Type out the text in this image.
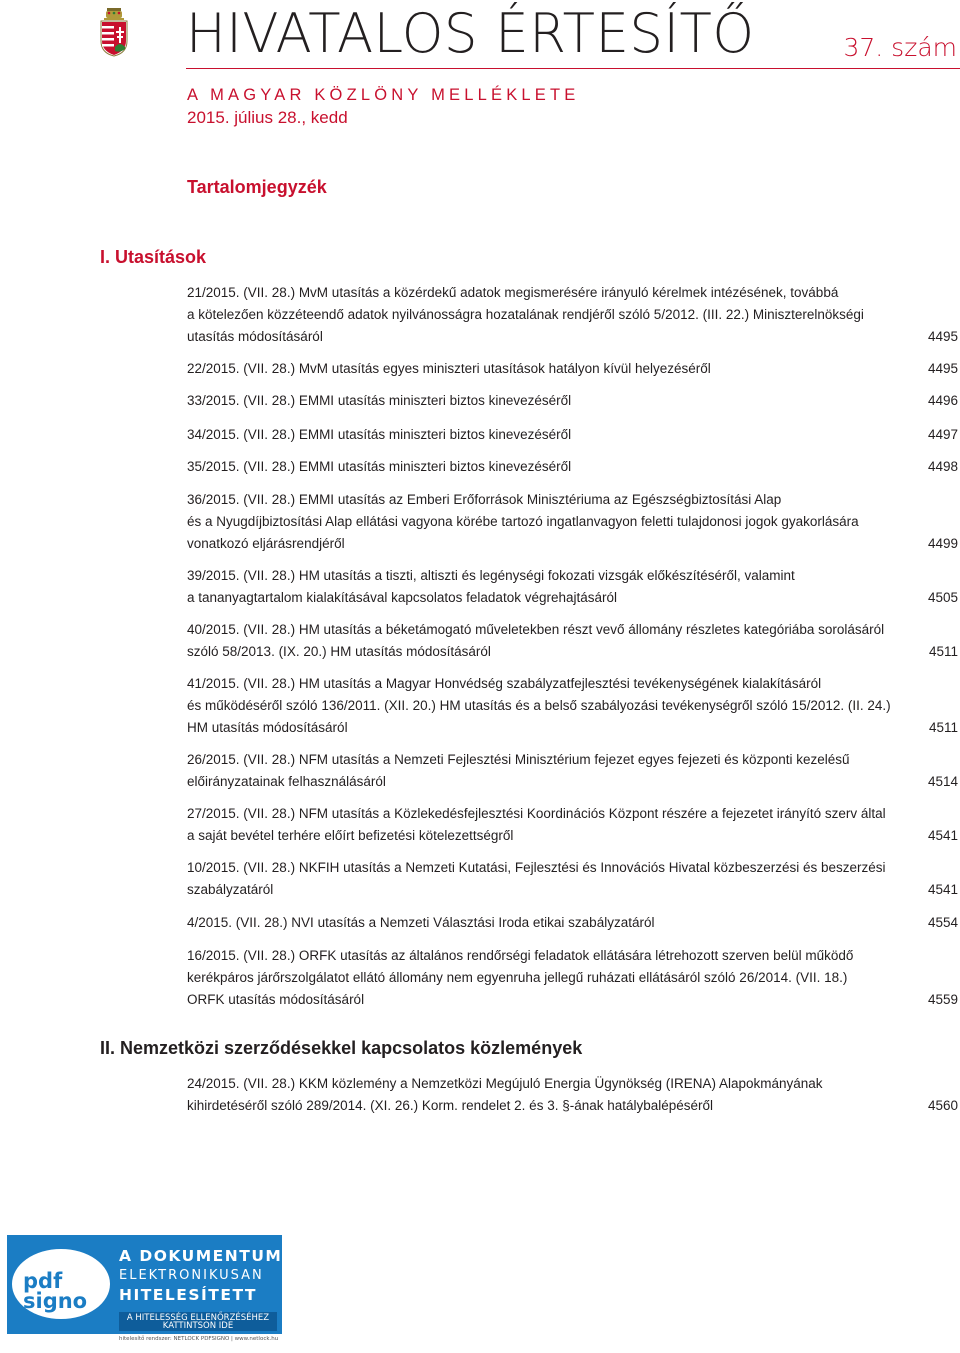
HIVATALOS ÉRTESÍTŐ	37. szám
A MAGYAR KÖZLÖNY MELLÉKLETE
2015. július 28., kedd
Tartalomjegyzék
I. Utasítások
21/2015. (VII. 28.) MvM utasítás a közérdekű adatok megismerésére irányuló kérelmek intézésének, továbbá
a kötelezően közzéteendő adatok nyilvánosságra hozatalának rendjéről szóló 5/2012. (III. 22.) Miniszterelnökségi
utasítás módosításáról	4495
22/2015. (VII. 28.) MvM utasítás egyes miniszteri utasítások hatályon kívül helyezéséről	4495
33/2015. (VII. 28.) EMMI utasítás miniszteri biztos kinevezéséről	4496
34/2015. (VII. 28.) EMMI utasítás miniszteri biztos kinevezéséről	4497
35/2015. (VII. 28.) EMMI utasítás miniszteri biztos kinevezéséről	4498
36/2015. (VII. 28.) EMMI utasítás az Emberi Erőforrások Minisztériuma az Egészségbiztosítási Alap
és a Nyugdíjbiztosítási Alap ellátási vagyona körébe tartozó ingatlanvagyon feletti tulajdonosi jogok gyakorlására
vonatkozó eljárásrendjéről	4499
39/2015. (VII. 28.) HM utasítás a tiszti, altiszti és legénységi fokozati vizsgák előkészítéséről, valamint
a tananyagtartalom kialakításával kapcsolatos feladatok végrehajtásáról	4505
40/2015. (VII. 28.) HM utasítás a béketámogató műveletekben részt vevő állomány részletes kategóriába sorolásáról
szóló 58/2013. (IX. 20.) HM utasítás módosításáról	4511
41/2015. (VII. 28.) HM utasítás a Magyar Honvédség szabályzatfejlesztési tevékenységének kialakításáról
és működéséről szóló 136/2011. (XII. 20.) HM utasítás és a belső szabályozási tevékenységről szóló 15/2012. (II. 24.)
HM utasítás módosításáról	4511
26/2015. (VII. 28.) NFM utasítás a Nemzeti Fejlesztési Minisztérium fejezet egyes fejezeti és központi kezelésű
előirányzatainak felhasználásáról	4514
27/2015. (VII. 28.) NFM utasítás a Közlekedésfejlesztési Koordinációs Központ részére a fejezetet irányító szerv által
a saját bevétel terhére előírt befizetési kötelezettségről	4541
10/2015. (VII. 28.) NKFIH utasítás a Nemzeti Kutatási, Fejlesztési és Innovációs Hivatal közbeszerzési és beszerzési
szabályzatáról	4541
4/2015. (VII. 28.) NVI utasítás a Nemzeti Választási Iroda etikai szabályzatáról	4554
16/2015. (VII. 28.) ORFK utasítás az általános rendőrségi feladatok ellátására létrehozott szerven belül működő
kerékpáros járőrszolgálatot ellátó állomány nem egyenruha jellegű ruházati ellátásáról szóló 26/2014. (VII. 18.)
ORFK utasítás módosításáról	4559
II. Nemzetközi szerződésekkel kapcsolatos közlemények
24/2015. (VII. 28.) KKM közlemény a Nemzetközi Megújuló Energia Ügynökség (IRENA) Alapokmányának
kihirdetéséről szóló 289/2014. (XI. 26.) Korm. rendelet 2. és 3. §-ának hatálybalépéséről	4560
pdf
signo
A DOKUMENTUM
ELEKTRONIKUSAN
HITELESÍTETT
A HITELESSÉG ELLENŐRZÉSÉHEZ
KATTINTSON IDE
hitelesítő rendszer: NETLOCK PDFSIGNO | www.netlock.hu
